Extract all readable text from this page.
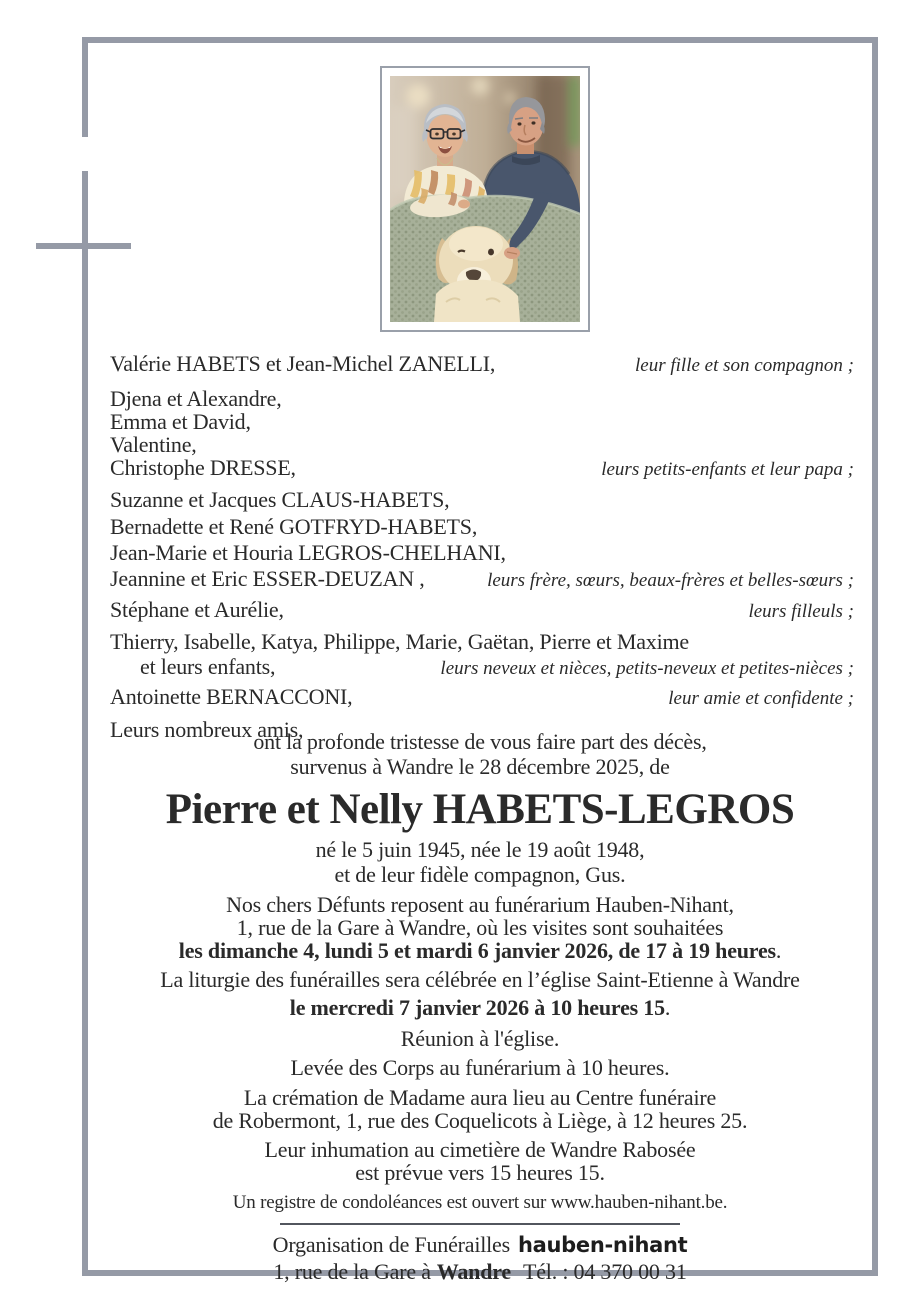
Valérie HABETS et Jean-Michel ZANELLI,	leur fille et son compagnon ;
Djena et Alexandre,
Emma et David,
Valentine,
Christophe DRESSE,	leurs petits-enfants et leur papa ;
Suzanne et Jacques CLAUS-HABETS,
Bernadette et René GOTFRYD-HABETS,
Jean-Marie et Houria LEGROS-CHELHANI,
Jeannine et Eric ESSER-DEUZAN ,	leurs frère, sœurs, beaux-frères et belles-sœurs ;
Stéphane et Aurélie,	leurs filleuls ;
Thierry, Isabelle, Katya, Philippe, Marie, Gaëtan, Pierre et Maxime
et leurs enfants,	leurs neveux et nièces, petits-neveux et petites-nièces ;
Antoinette BERNACCONI,	leur amie et confidente ;
Leurs nombreux amis,

ont la profonde tristesse de vous faire part des décès,

survenus à Wandre le 28 décembre 2025, de

Pierre et Nelly HABETS-LEGROS

né le 5 juin 1945, née le 19 août 1948,

et de leur fidèle compagnon, Gus.

Nos chers Défunts reposent au funérarium Hauben-Nihant,

1, rue de la Gare à Wandre, où les visites sont souhaitées

les dimanche 4, lundi 5 et mardi 6 janvier 2026, de 17 à 19 heures.

La liturgie des funérailles sera célébrée en l’église Saint-Etienne à Wandre

le mercredi 7 janvier 2026 à 10 heures 15.

Réunion à l'église.

Levée des Corps au funérarium à 10 heures.

La crémation de Madame aura lieu au Centre funéraire

de Robermont, 1, rue des Coquelicots à Liège, à 12 heures 25.

Leur inhumation au cimetière de Wandre Rabosée

est prévue vers 15 heures 15.

Un registre de condoléances est ouvert sur www.hauben-nihant.be.

Organisation de Funérailles hauben-nihant

1, rue de la Gare à Wandre Tél. : 04 370 00 31
